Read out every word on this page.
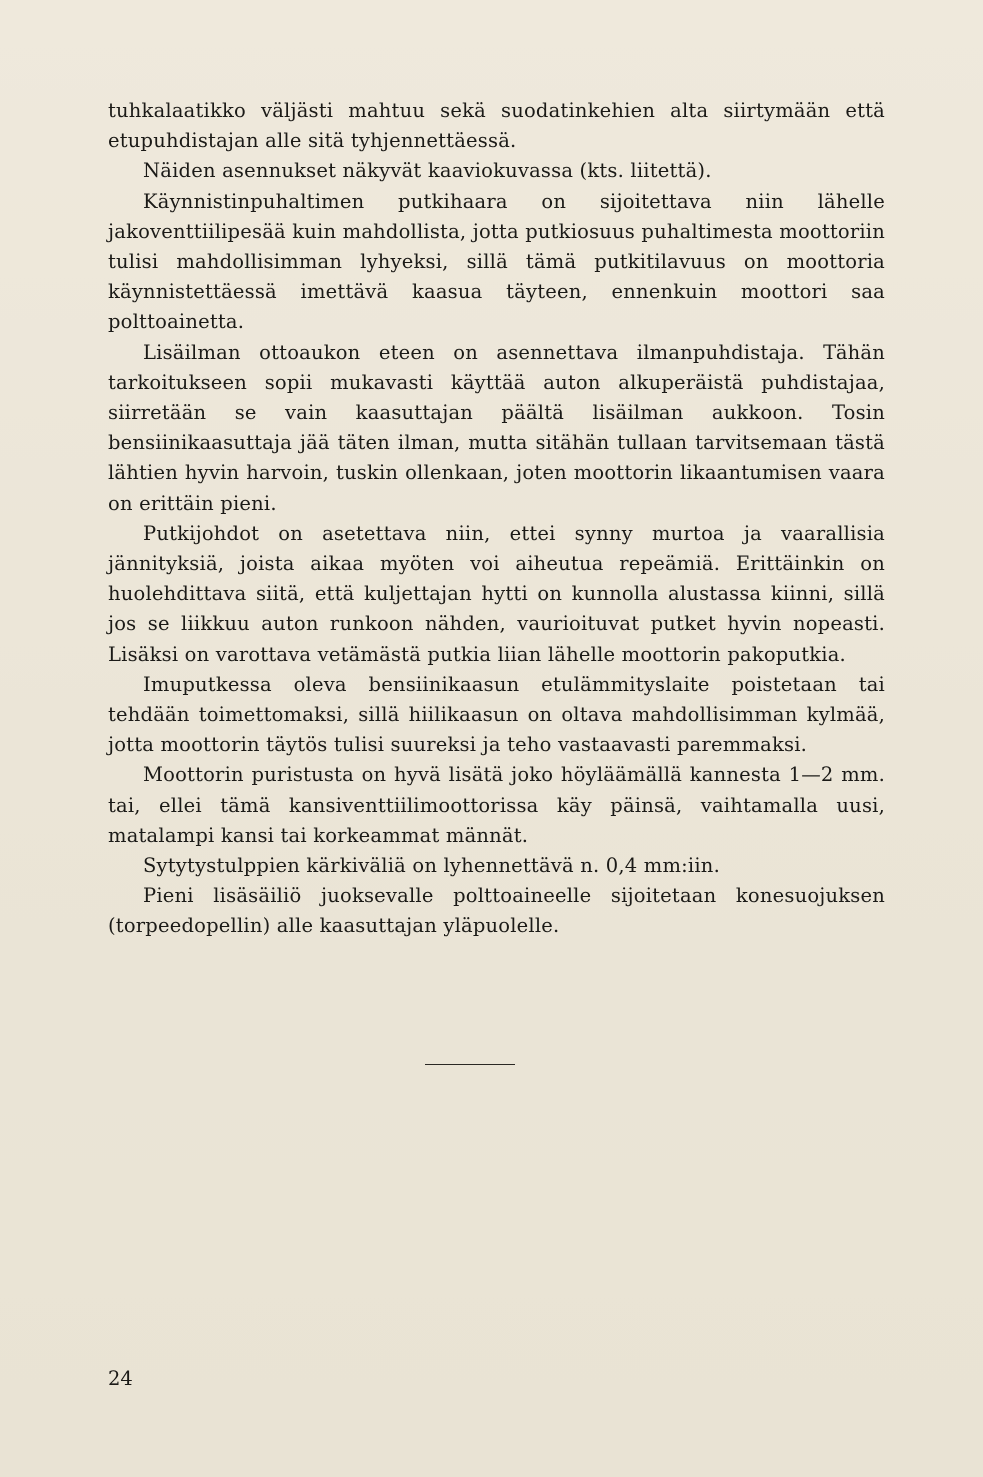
tuhkalaatikko väljästi mahtuu sekä suodatinkehien alta siirtymään että etupuhdistajan alle sitä tyhjennettäessä.

Näiden asennukset näkyvät kaaviokuvassa (kts. liitettä).

Käynnistinpuhaltimen putkihaara on sijoitettava niin lähelle jakoventtiilipesää kuin mahdollista, jotta putkiosuus puhaltimesta moottoriin tulisi mahdollisimman lyhyeksi, sillä tämä putkitilavuus on moottoria käynnistettäessä imettävä kaasua täyteen, ennenkuin moottori saa polttoainetta.

Lisäilman ottoaukon eteen on asennettava ilmanpuhdistaja. Tähän tarkoitukseen sopii mukavasti käyttää auton alkuperäistä puhdistajaa, siirretään se vain kaasuttajan päältä lisäilman aukkoon. Tosin bensiinikaasuttaja jää täten ilman, mutta sitähän tullaan tarvitsemaan tästä lähtien hyvin harvoin, tuskin ollenkaan, joten moottorin likaantumisen vaara on erittäin pieni.

Putkijohdot on asetettava niin, ettei synny murtoa ja vaarallisia jännityksiä, joista aikaa myöten voi aiheutua repeämiä. Erittäinkin on huolehdittava siitä, että kuljettajan hytti on kunnolla alustassa kiinni, sillä jos se liikkuu auton runkoon nähden, vaurioituvat putket hyvin nopeasti. Lisäksi on varottava vetämästä putkia liian lähelle moottorin pakoputkia.

Imuputkessa oleva bensiinikaasun etulämmityslaite poistetaan tai tehdään toimettomaksi, sillä hiilikaasun on oltava mahdollisimman kylmää, jotta moottorin täytös tulisi suureksi ja teho vastaavasti paremmaksi.

Moottorin puristusta on hyvä lisätä joko höyläämällä kannesta 1—2 mm. tai, ellei tämä kansiventtiilimoottorissa käy päinsä, vaihtamalla uusi, matalampi kansi tai korkeammat männät.

Sytytystulppien kärkiväliä on lyhennettävä n. 0,4 mm:iin.

Pieni lisäsäiliö juoksevalle polttoaineelle sijoitetaan konesuojuksen (torpeedopellin) alle kaasuttajan yläpuolelle.

24
